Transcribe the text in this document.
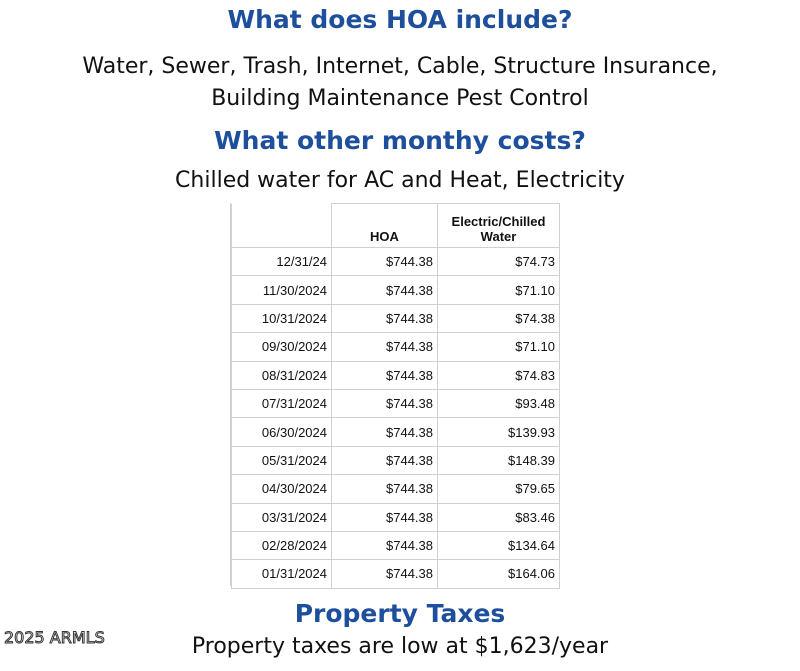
What does HOA include?

Water, Sewer, Trash, Internet, Cable, Structure Insurance,

Building Maintenance Pest Control

What other monthy costs?

Chilled water for AC and Heat, Electricity

	HOA	Electric/Chilled Water
12/31/24	$744.38	$74.73
11/30/2024	$744.38	$71.10
10/31/2024	$744.38	$74.38
09/30/2024	$744.38	$71.10
08/31/2024	$744.38	$74.83
07/31/2024	$744.38	$93.48
06/30/2024	$744.38	$139.93
05/31/2024	$744.38	$148.39
04/30/2024	$744.38	$79.65
03/31/2024	$744.38	$83.46
02/28/2024	$744.38	$134.64
01/31/2024	$744.38	$164.06
Property Taxes

Property taxes are low at $1,623/year

2025 ARMLS
